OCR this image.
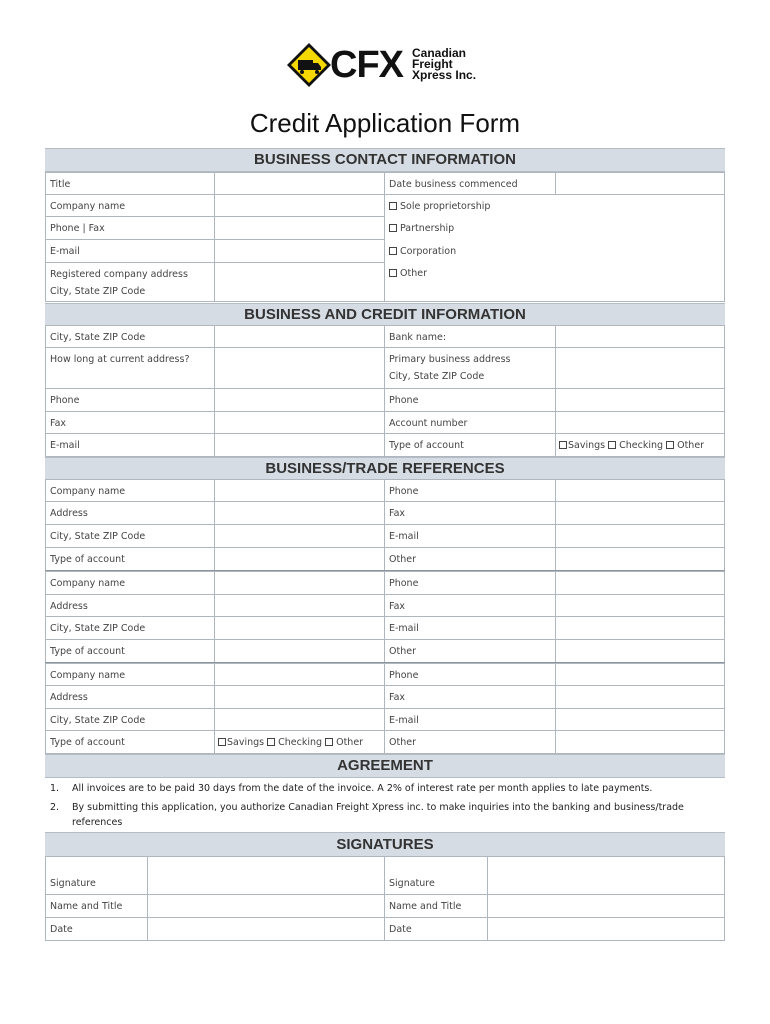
CFX Canadian
Freight
Xpress Inc.
Credit Application Form
BUSINESS CONTACT INFORMATION
Title	Date business commenced
Company name
Phone | Fax
E-mail
Registered company address
City, State ZIP Code
Sole proprietorship
Partnership
Corporation
Other
BUSINESS AND CREDIT INFORMATION
City, State ZIP Code	Bank name:
How long at current address?	Primary business address
City, State ZIP Code
Phone	Phone
Fax	Account number
E-mail	Type of account	Savings Checking Other
BUSINESS/TRADE REFERENCES
Company name	Phone
Address	Fax
City, State ZIP Code	E-mail
Type of account	Other
Company name	Phone
Address	Fax
City, State ZIP Code	E-mail
Type of account	Other
Company name	Phone
Address	Fax
City, State ZIP Code	E-mail
Type of account	Savings Checking Other	Other
AGREEMENT
1. All invoices are to be paid 30 days from the date of the invoice. A 2% of interest rate per month applies to late payments.
2. By submitting this application, you authorize Canadian Freight Xpress inc. to make inquiries into the banking and business/trade references
SIGNATURES
Signature	Signature
Name and Title	Name and Title
Date	Date
